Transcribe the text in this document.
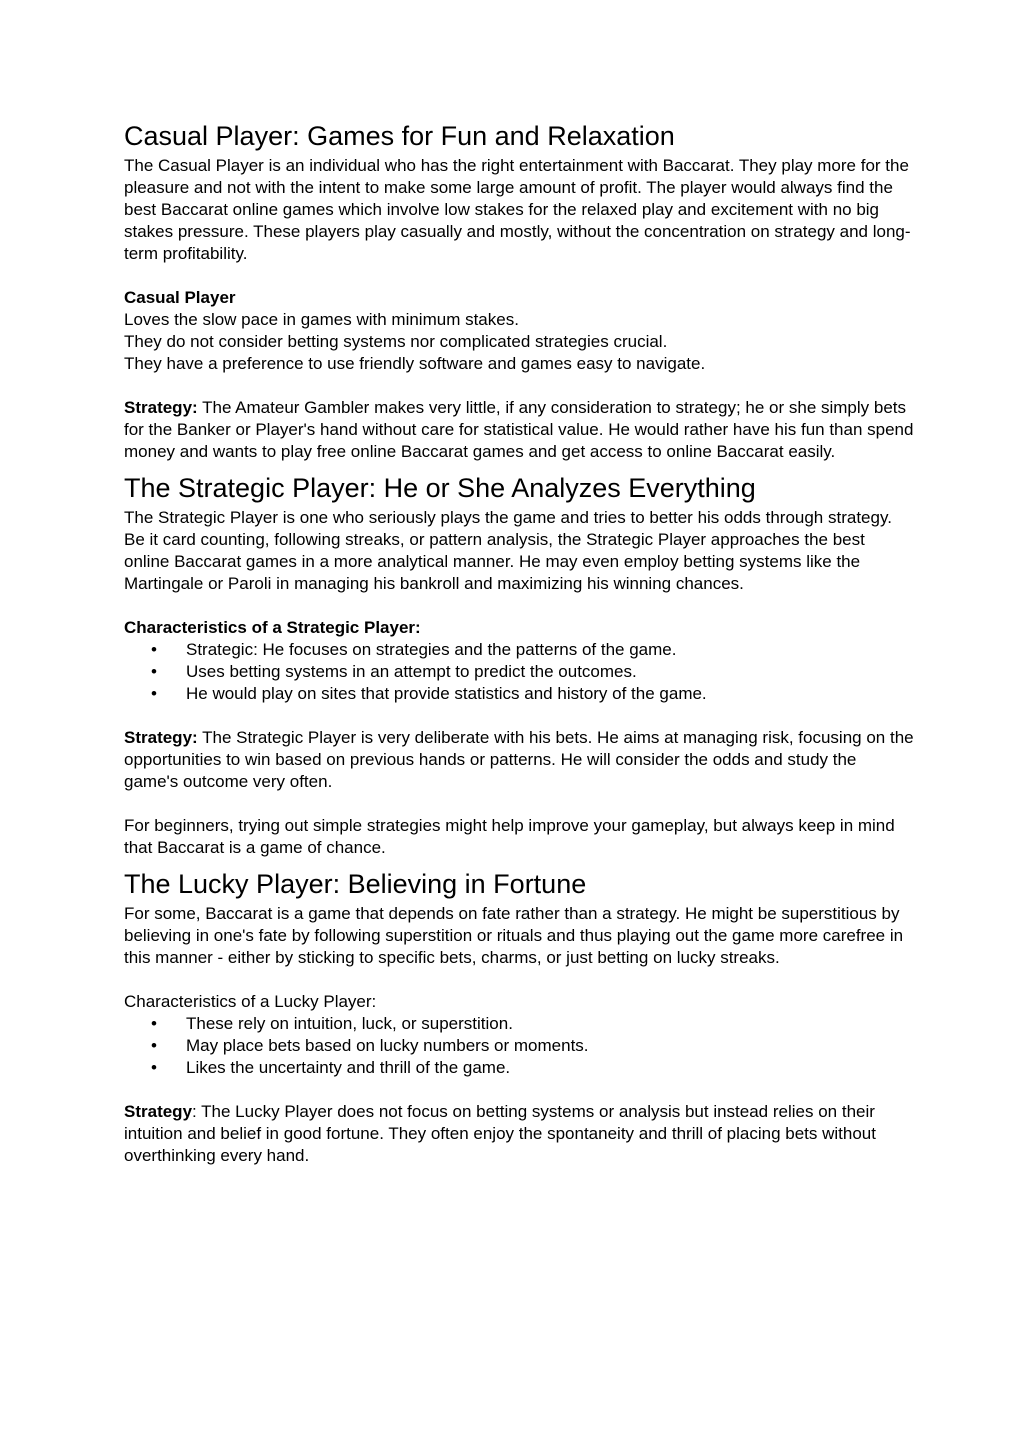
Casual Player: Games for Fun and Relaxation

The Casual Player is an individual who has the right entertainment with Baccarat. They play more for the pleasure and not with the intent to make some large amount of profit. The player would always find the best Baccarat online games which involve low stakes for the relaxed play and excitement with no big stakes pressure. These players play casually and mostly, without the concentration on strategy and long-term profitability.

Casual Player

Loves the slow pace in games with minimum stakes.

They do not consider betting systems nor complicated strategies crucial.

They have a preference to use friendly software and games easy to navigate.

Strategy: The Amateur Gambler makes very little, if any consideration to strategy; he or she simply bets for the Banker or Player's hand without care for statistical value. He would rather have his fun than spend money and wants to play free online Baccarat games and get access to online Baccarat easily.

The Strategic Player: He or She Analyzes Everything

The Strategic Player is one who seriously plays the game and tries to better his odds through strategy. Be it card counting, following streaks, or pattern analysis, the Strategic Player approaches the best online Baccarat games in a more analytical manner. He may even employ betting systems like the Martingale or Paroli in managing his bankroll and maximizing his winning chances.

Characteristics of a Strategic Player:

•	Strategic: He focuses on strategies and the patterns of the game.
•	Uses betting systems in an attempt to predict the outcomes.
•	He would play on sites that provide statistics and history of the game.

Strategy: The Strategic Player is very deliberate with his bets. He aims at managing risk, focusing on the opportunities to win based on previous hands or patterns. He will consider the odds and study the game's outcome very often.

For beginners, trying out simple strategies might help improve your gameplay, but always keep in mind that Baccarat is a game of chance.

The Lucky Player: Believing in Fortune

For some, Baccarat is a game that depends on fate rather than a strategy. He might be superstitious by believing in one's fate by following superstition or rituals and thus playing out the game more carefree in this manner - either by sticking to specific bets, charms, or just betting on lucky streaks.

Characteristics of a Lucky Player:

•	These rely on intuition, luck, or superstition.
•	May place bets based on lucky numbers or moments.
•	Likes the uncertainty and thrill of the game.

Strategy: The Lucky Player does not focus on betting systems or analysis but instead relies on their intuition and belief in good fortune. They often enjoy the spontaneity and thrill of placing bets without overthinking every hand.
